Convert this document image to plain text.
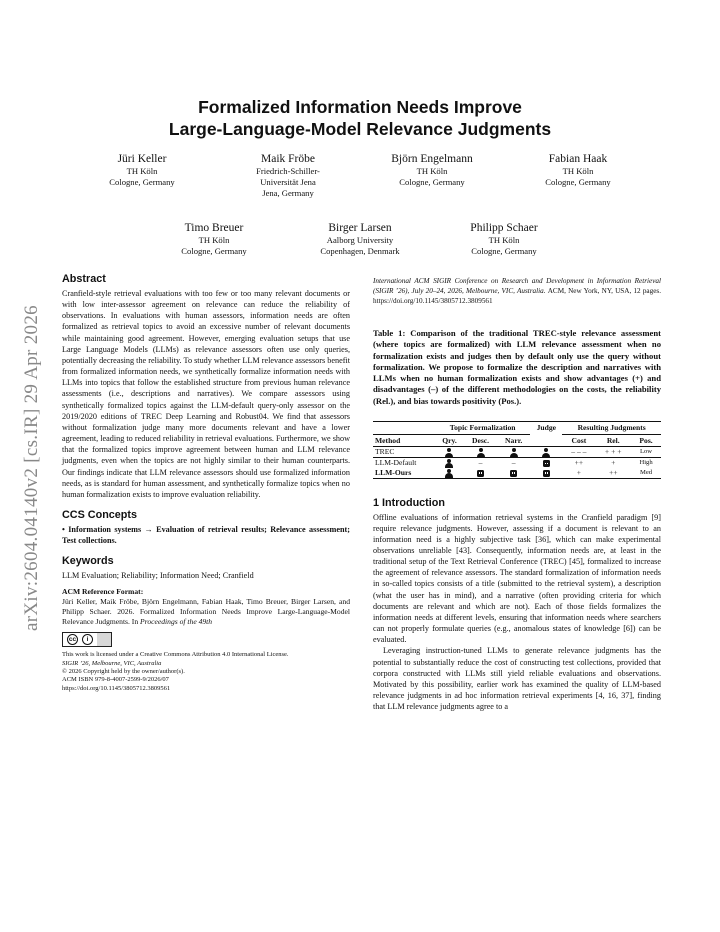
Formalized Information Needs Improve
Large-Language-Model Relevance Judgments
Jüri Keller
TH Köln
Cologne, Germany
Maik Fröbe
Friedrich-Schiller-
Universität Jena
Jena, Germany
Björn Engelmann
TH Köln
Cologne, Germany
Fabian Haak
TH Köln
Cologne, Germany
Timo Breuer
TH Köln
Cologne, Germany
Birger Larsen
Aalborg University
Copenhagen, Denmark
Philipp Schaer
TH Köln
Cologne, Germany
arXiv:2604.04140v2 [cs.IR] 29 Apr 2026
Abstract

Cranfield-style retrieval evaluations with too few or too many relevant documents or with low inter-assessor agreement on relevance can reduce the reliability of observations. In evaluations with human assessors, information needs are often formalized as retrieval topics to avoid an excessive number of relevant documents while maintaining good agreement. However, emerging evaluation setups that use Large Language Models (LLMs) as relevance assessors often use only queries, potentially decreasing the reliability. To study whether LLM relevance assessors benefit from formalized information needs, we synthetically formalize information needs with LLMs into topics that follow the established structure from previous human relevance assessments (i.e., descriptions and narratives). We compare assessors using synthetically formalized topics against the LLM-default query-only assessor on the 2019/2020 editions of TREC Deep Learning and Robust04. We find that assessors without formalization judge many more documents relevant and have a lower agreement, leading to reduced reliability in retrieval evaluations. Furthermore, we show that the formalized topics improve agreement between human and LLM relevance judgments, even when the topics are not highly similar to their human counterparts. Our findings indicate that LLM relevance assessors should use formalized information needs, as is standard for human assessment, and synthetically formalize topics when no human formalization exists to improve evaluation reliability.

CCS Concepts

• Information systems → Evaluation of retrieval results; Relevance assessment; Test collections.

Keywords

LLM Evaluation; Reliability; Information Need; Cranfield

ACM Reference Format:

Jüri Keller, Maik Fröbe, Björn Engelmann, Fabian Haak, Timo Breuer, Birger Larsen, and Philipp Schaer. 2026. Formalized Information Needs Improve Large-Language-Model Relevance Judgments. In Proceedings of the 49th

cc	i
This work is licensed under a Creative Commons Attribution 4.0 International License.
SIGIR ’26, Melbourne, VIC, Australia
© 2026 Copyright held by the owner/author(s).
ACM ISBN 979-8-4007-2599-9/2026/07
https://doi.org/10.1145/3805712.3809561

International ACM SIGIR Conference on Research and Development in Information Retrieval (SIGIR ’26), July 20–24, 2026, Melbourne, VIC, Australia. ACM, New York, NY, USA, 12 pages. https://doi.org/10.1145/3805712.3809561

Table 1: Comparison of the traditional TREC-style relevance assessment (where topics are formalized) with LLM relevance assessment when no formalization exists and judges then by default only use the query without formalization. We propose to formalize the description and narratives with LLMs when no human formalization exists and show advantages (+) and disadvantages (–) of the different methodologies on the costs, the reliability (Rel.), and bias towards positivity (Pos.).

	Topic Formalization			Judge	Resulting Judgments		
Method	Qry.	Desc.	Narr.		Cost	Rel.	Pos.
TREC					– – –	+ + +	Low
LLM-Default		–	–		++	+	High
LLM-Ours					+	++	Med
1 Introduction

Offline evaluations of information retrieval systems in the Cranfield paradigm [9] require relevance judgments. However, assessing if a document is relevant to an information need is a highly subjective task [36], which can make experimental observations unreliable [43]. Consequently, information needs are, at least in the traditional setup of the Text Retrieval Conference (TREC) [45], formalized to increase the agreement of relevance assessors. The standard formalization of information needs in so-called topics consists of a title (submitted to the retrieval system), a description (what the user has in mind), and a narrative (often providing criteria for which documents are relevant and which are not). Each of those fields formalizes the information needs at different levels, ensuring that information needs where searchers can not properly formulate queries (e.g., anomalous states of knowledge [6]) can be evaluated.

Leveraging instruction-tuned LLMs to generate relevance judgments has the potential to substantially reduce the cost of constructing test collections, provided that corpora constructed with LLMs still yield reliable evaluations and observations. Motivated by this possibility, earlier work has examined the quality of LLM-based relevance judgments in ad hoc information retrieval experiments [4, 16, 37], finding that LLM relevance judgments agree to a
